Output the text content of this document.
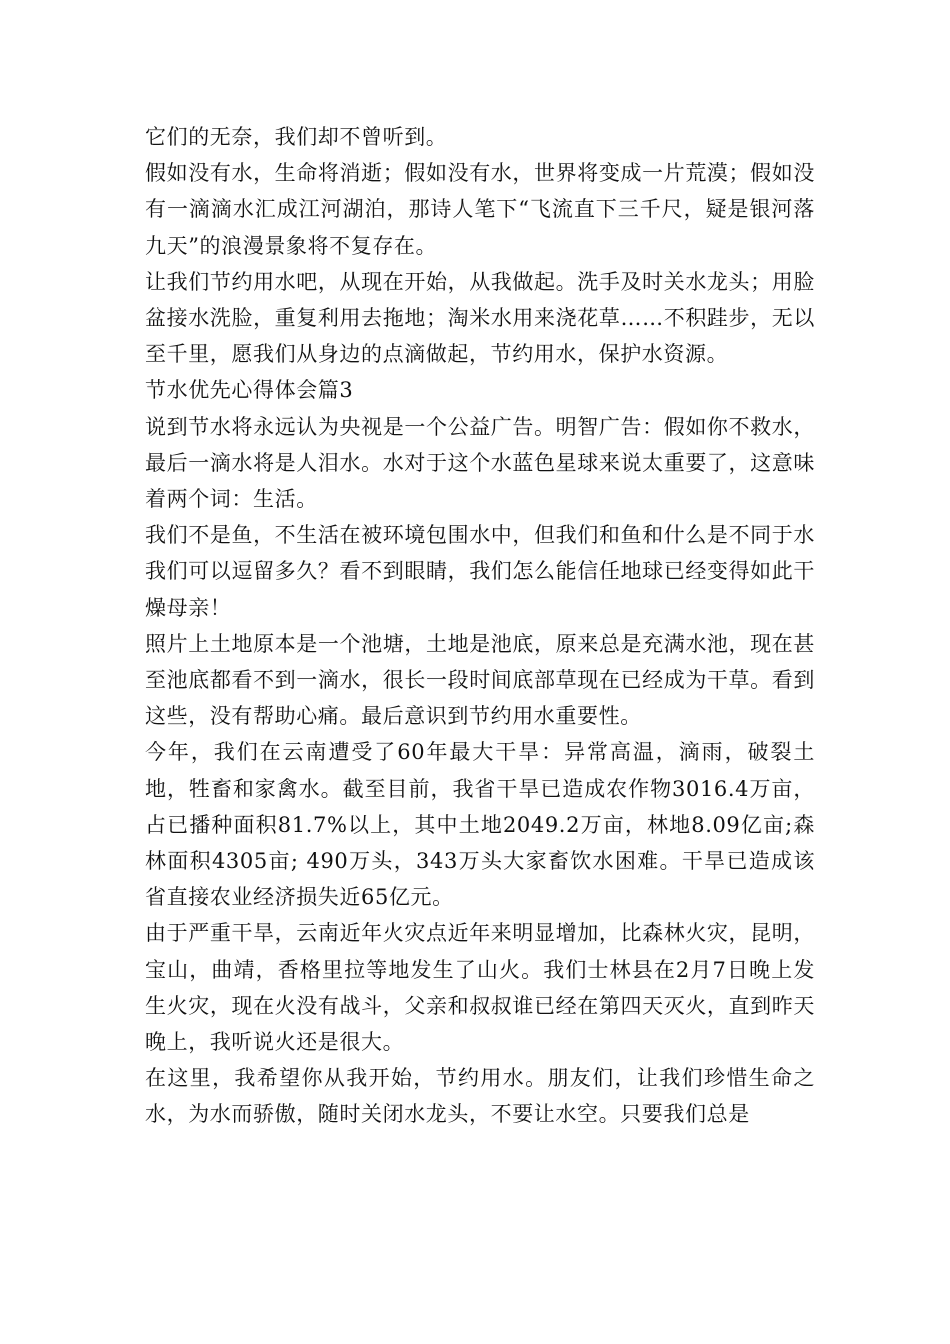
它们的无奈，我们却不曾听到。

假如没有水，生命将消逝；假如没有水，世界将变成一片荒漠；假如没有一滴滴水汇成江河湖泊，那诗人笔下“飞流直下三千尺，疑是银河落九天”的浪漫景象将不复存在。

让我们节约用水吧，从现在开始，从我做起。洗手及时关水龙头；用脸盆接水洗脸，重复利用去拖地；淘米水用来浇花草……不积跬步，无以至千里，愿我们从身边的点滴做起，节约用水，保护水资源。

节水优先心得体会篇3

说到节水将永远认为央视是一个公益广告。明智广告：假如你不救水，最后一滴水将是人泪水。水对于这个水蓝色星球来说太重要了，这意味着两个词：生活。

我们不是鱼，不生活在被环境包围水中，但我们和鱼和什么是不同于水我们可以逗留多久？看不到眼睛，我们怎么能信任地球已经变得如此干燥母亲！

照片上土地原本是一个池塘，土地是池底，原来总是充满水池，现在甚至池底都看不到一滴水，很长一段时间底部草现在已经成为干草。看到这些，没有帮助心痛。最后意识到节约用水重要性。

今年，我们在云南遭受了60年最大干旱：异常高温，滴雨，破裂土地，牲畜和家禽水。截至目前，我省干旱已造成农作物3016.4万亩，占已播种面积81.7%以上，其中土地2049.2万亩，林地8.09亿亩;森林面积4305亩; 490万头，343万头大家畜饮水困难。干旱已造成该省直接农业经济损失近65亿元。

由于严重干旱，云南近年火灾点近年来明显增加，比森林火灾，昆明，宝山，曲靖，香格里拉等地发生了山火。我们士林县在2月7日晚上发生火灾，现在火没有战斗，父亲和叔叔谁已经在第四天灭火，直到昨天晚上，我听说火还是很大。

在这里，我希望你从我开始，节约用水。朋友们，让我们珍惜生命之水，为水而骄傲，随时关闭水龙头，不要让水空。只要我们总是
